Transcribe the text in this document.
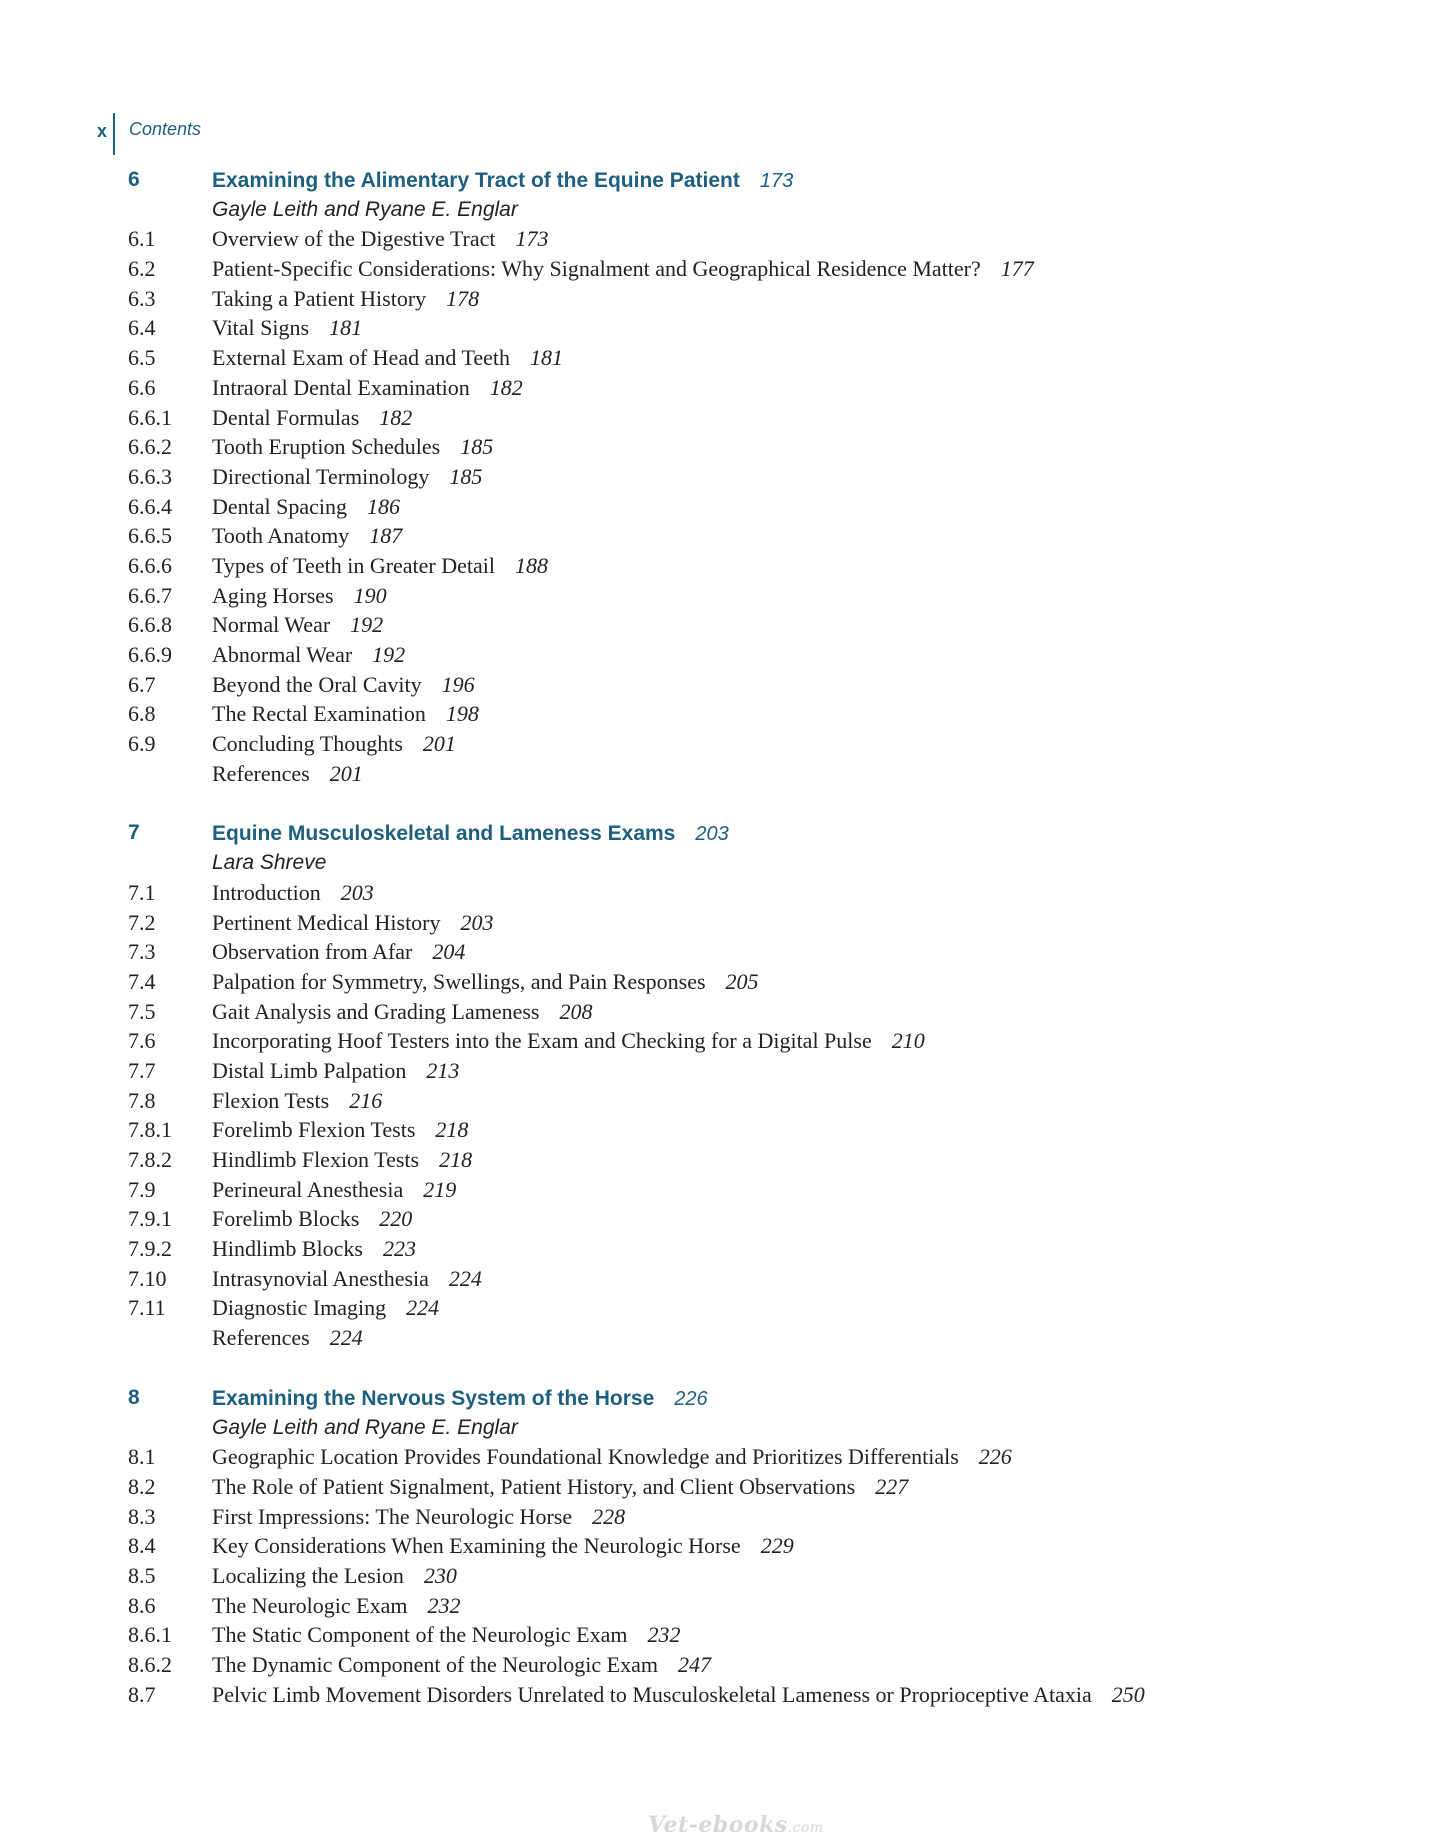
x Contents
6	Examining the Alimentary Tract of the Equine Patient 173
Gayle Leith and Ryane E. Englar
6.1	Overview of the Digestive Tract 173
6.2	Patient-Specific Considerations: Why Signalment and Geographical Residence Matter? 177
6.3	Taking a Patient History 178
6.4	Vital Signs 181
6.5	External Exam of Head and Teeth 181
6.6	Intraoral Dental Examination 182
6.6.1 Dental Formulas 182
6.6.2 Tooth Eruption Schedules 185
6.6.3 Directional Terminology 185
6.6.4 Dental Spacing 186
6.6.5 Tooth Anatomy 187
6.6.6 Types of Teeth in Greater Detail 188
6.6.7 Aging Horses 190
6.6.8 Normal Wear 192
6.6.9 Abnormal Wear 192
6.7	Beyond the Oral Cavity 196
6.8	The Rectal Examination 198
6.9	Concluding Thoughts 201
References 201
7	Equine Musculoskeletal and Lameness Exams 203
Lara Shreve
7.1	Introduction 203
7.2	Pertinent Medical History 203
7.3	Observation from Afar 204
7.4	Palpation for Symmetry, Swellings, and Pain Responses 205
7.5	Gait Analysis and Grading Lameness 208
7.6	Incorporating Hoof Testers into the Exam and Checking for a Digital Pulse 210
7.7	Distal Limb Palpation 213
7.8	Flexion Tests 216
7.8.1 Forelimb Flexion Tests 218
7.8.2 Hindlimb Flexion Tests 218
7.9	Perineural Anesthesia 219
7.9.1 Forelimb Blocks 220
7.9.2 Hindlimb Blocks 223
7.10 Intrasynovial Anesthesia 224
7.11 Diagnostic Imaging 224
References 224
8	Examining the Nervous System of the Horse 226
Gayle Leith and Ryane E. Englar
8.1	Geographic Location Provides Foundational Knowledge and Prioritizes Differentials 226
8.2	The Role of Patient Signalment, Patient History, and Client Observations 227
8.3	First Impressions: The Neurologic Horse 228
8.4	Key Considerations When Examining the Neurologic Horse 229
8.5	Localizing the Lesion 230
8.6	The Neurologic Exam 232
8.6.1 The Static Component of the Neurologic Exam 232
8.6.2 The Dynamic Component of the Neurologic Exam 247
8.7	Pelvic Limb Movement Disorders Unrelated to Musculoskeletal Lameness or Proprioceptive Ataxia 250
Vet-ebooks.com
